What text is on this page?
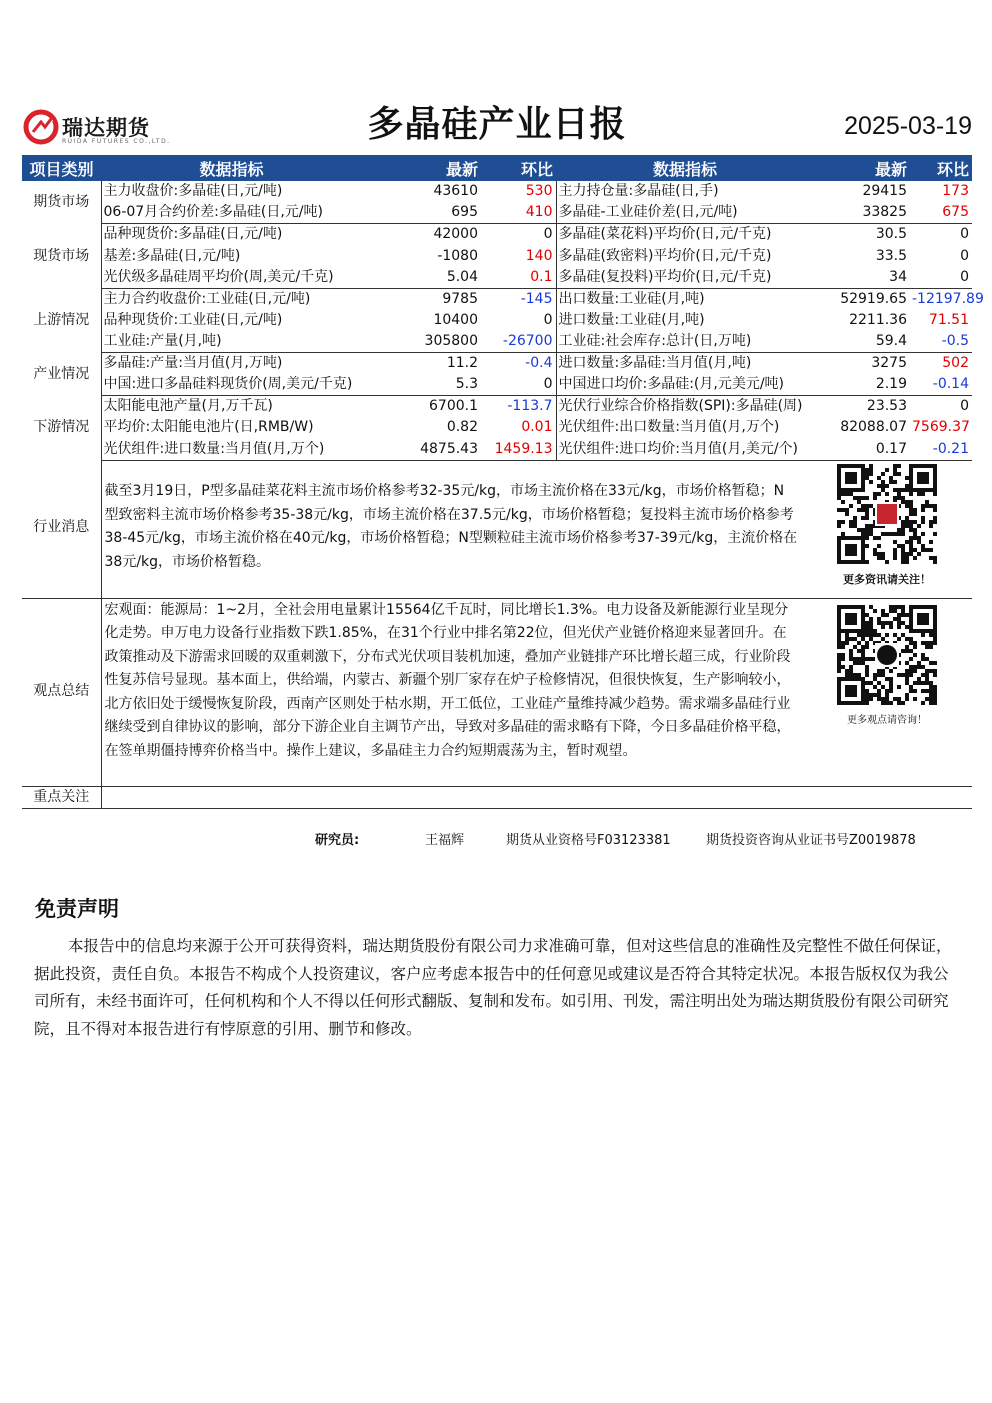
瑞达期货
RUIDA FUTURES CO.,LTD.	多晶硅产业日报	2025-03-19
项目类别	数据指标	最新	环比	数据指标	最新	环比
期货市场	主力收盘价:多晶硅(日,元/吨)	43610	530	主力持仓量:多晶硅(日,手)	29415	173
	06-07月合约价差:多晶硅(日,元/吨)	695	410	多晶硅-工业硅价差(日,元/吨)	33825	675
现货市场	品种现货价:多晶硅(日,元/吨)	42000	0	多晶硅(菜花料)平均价(日,元/千克)	30.5	0
	基差:多晶硅(日,元/吨)	-1080	140	多晶硅(致密料)平均价(日,元/千克)	33.5	0
	光伏级多晶硅周平均价(周,美元/千克)	5.04	0.1	多晶硅(复投料)平均价(日,元/千克)	34	0
上游情况	主力合约收盘价:工业硅(日,元/吨)	9785	-145	出口数量:工业硅(月,吨)	52919.65	-12197.89
	品种现货价:工业硅(日,元/吨)	10400	0	进口数量:工业硅(月,吨)	2211.36	71.51
	工业硅:产量(月,吨)	305800	-26700	工业硅:社会库存:总计(日,万吨)	59.4	-0.5
产业情况	多晶硅:产量:当月值(月,万吨)	11.2	-0.4	进口数量:多晶硅:当月值(月,吨)	3275	502
	中国:进口多晶硅料现货价(周,美元/千克)	5.3	0	中国进口均价:多晶硅:(月,元美元/吨)	2.19	-0.14
下游情况	太阳能电池产量(月,万千瓦)	6700.1	-113.7	光伏行业综合价格指数(SPI):多晶硅(周)	23.53	0
	平均价:太阳能电池片(日,RMB/W)	0.82	0.01	光伏组件:出口数量:当月值(月,万个)	82088.07	7569.37
	光伏组件:进口数量:当月值(月,万个)	4875.43	1459.13	光伏组件:进口均价:当月值(月,美元/个)	0.17	-0.21
行业消息	截至3月19日，P型多晶硅菜花料主流市场价格参考32-35元/kg，市场主流价格在33元/kg，市场价格暂稳；N型致密料主流市场价格参考35-38元/kg，市场主流价格在37.5元/kg，市场价格暂稳；复投料主流市场价格参考38-45元/kg，市场主流价格在40元/kg，市场价格暂稳；N型颗粒硅主流市场价格参考37-39元/kg，主流价格在38元/kg，市场价格暂稳。	更多资讯请关注！

观点总结	宏观面：能源局：1~2月，全社会用电量累计15564亿千瓦时，同比增长1.3%。电力设备及新能源行业呈现分化走势。申万电力设备行业指数下跌1.85%，在31个行业中排名第22位，但光伏产业链价格迎来显著回升。在政策推动及下游需求回暖的双重刺激下，分布式光伏项目装机加速，叠加产业链排产环比增长超三成，行业阶段性复苏信号显现。基本面上，供给端，内蒙古、新疆个别厂家存在炉子检修情况，但很快恢复，生产影响较小，北方依旧处于缓慢恢复阶段，西南产区则处于枯水期，开工低位，工业硅产量维持减少趋势。需求端多晶硅行业继续受到自律协议的影响，部分下游企业自主调节产出，导致对多晶硅的需求略有下降，今日多晶硅价格平稳，在签单期僵持博弈价格当中。操作上建议，多晶硅主力合约短期震荡为主，暂时观望。	更多观点请咨询！

重点关注		
研究员:	王福辉	期货从业资格号F03123381	期货投资咨询从业证书号Z0019878
免责声明
本报告中的信息均来源于公开可获得资料，瑞达期货股份有限公司力求准确可靠，但对这些信息的准确性及完整性不做任何保证，据此投资，责任自负。本报告不构成个人投资建议，客户应考虑本报告中的任何意见或建议是否符合其特定状况。本报告版权仅为我公司所有，未经书面许可，任何机构和个人不得以任何形式翻版、复制和发布。如引用、刊发，需注明出处为瑞达期货股份有限公司研究院，且不得对本报告进行有悖原意的引用、删节和修改。
